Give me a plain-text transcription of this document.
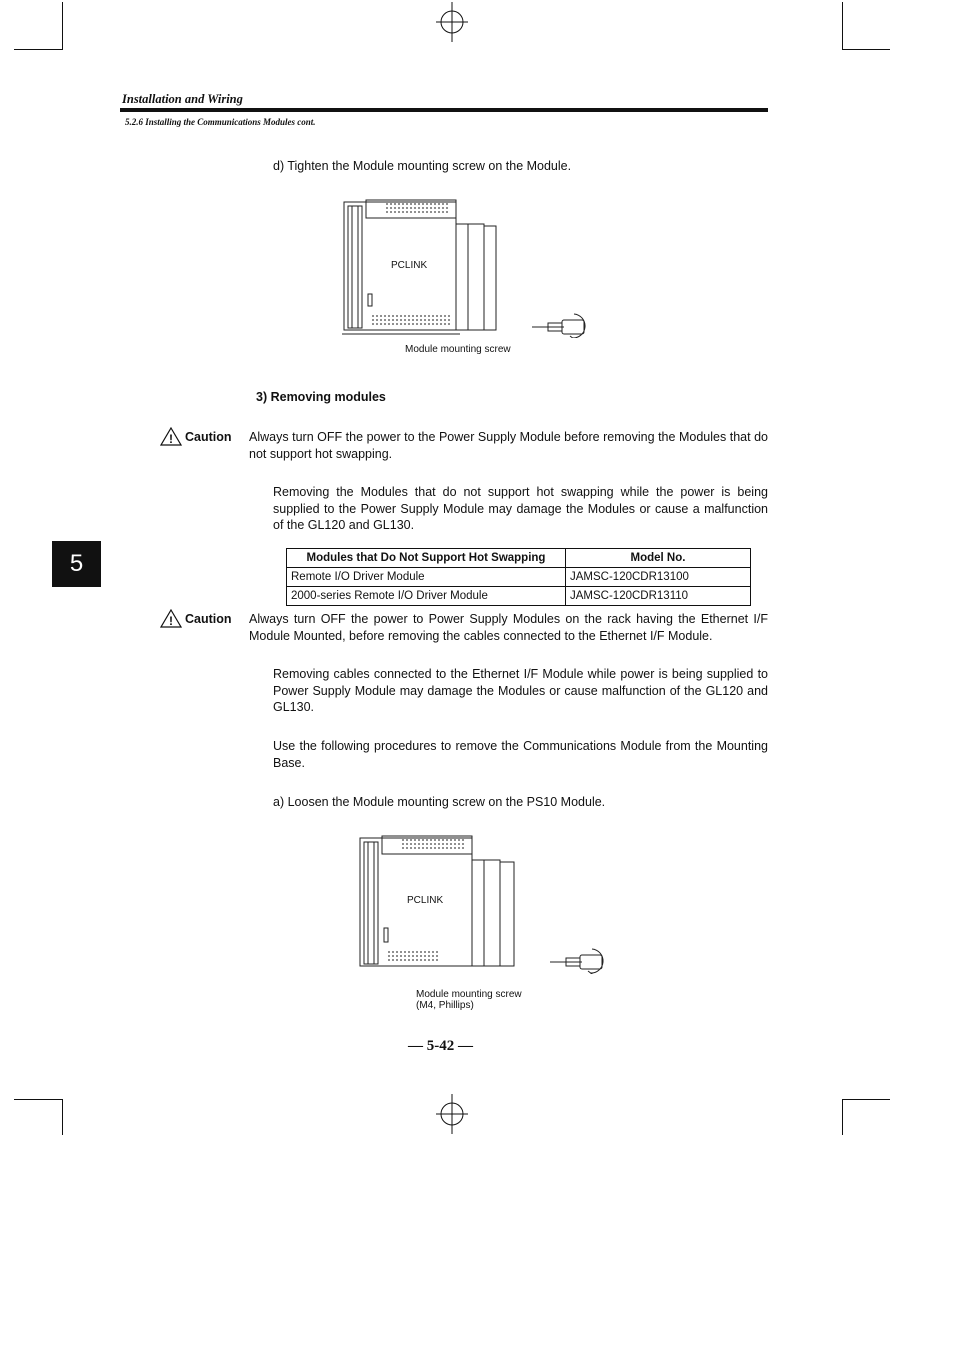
Installation and Wiring
5.2.6 Installing the Communications Modules cont.
5
d) Tighten the Module mounting screw on the Module.
PCLINK
Module mounting screw
3) Removing modules
! Caution Always turn OFF the power to the Power Supply Module before removing the Modules that do not support hot swapping.
Removing the Modules that do not support hot swapping while the power is being supplied to the Power Supply Module may damage the Modules or cause a malfunction of the GL120 and GL130.
Modules that Do Not Support Hot Swapping	Model No.
Remote I/O Driver Module	JAMSC-120CDR13100
2000-series Remote I/O Driver Module	JAMSC-120CDR13110
! Caution Always turn OFF the power to Power Supply Modules on the rack having the Ethernet I/F Module Mounted, before removing the cables connected to the Ethernet I/F Module.
Removing cables connected to the Ethernet I/F Module while power is being supplied to Power Supply Module may damage the Modules or cause malfunction of the GL120 and GL130.
Use the following procedures to remove the Communications Module from the Mounting Base.
a) Loosen the Module mounting screw on the PS10 Module.
PCLINK
Module mounting screw
(M4, Phillips)
— 5-42 —
